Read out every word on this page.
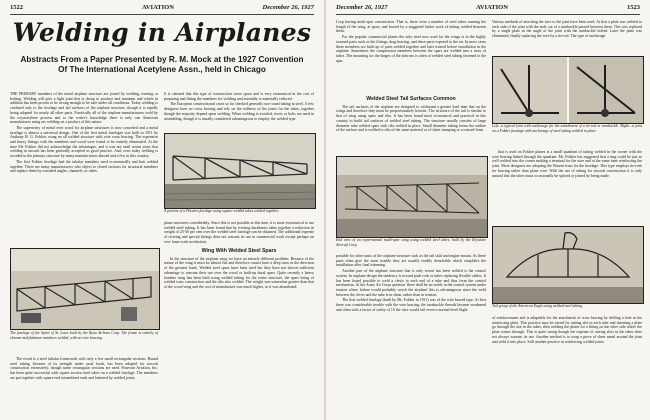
1522	AVIATION	December 26, 1927
Welding in Airplanes
Abstracts From a Paper Presented by R. M. Mock at the 1927 Convention Of The International Acetylene Assn., held in Chicago

THE PRIMARY members of the metal airplane structure are joined by welding, riveting or bolting. Welding will give a light joint that is cheap to produce and maintain and which in addition has been proven to be strong enough to be safe under all conditions. Today welding is confined only to the fuselage and tail surfaces of the airplane structure, though it is rapidly being adopted for nearly all other parts. Practically all of the airplane manufacturers weld by the oxyacetylene process and to the writer's knowledge there is only one American manufacturer using arc welding on a product of this nature.

The superiority of metal over wood for airplane structures is now conceded and a metal fuselage is almost a universal design. One of the first metal fuselages was built in 1911 by Anthony H. G. Fokker, using an all welded structure with wire cross bracing. The expensive and heavy fittings with the members and wood were found to be entirely eliminated. At the time Mr. Fokker did not acknowledge the advantages, and it was not until recent years that welding in aircraft has been generally accepted as good practice. And, even today welding is avoided in the primary structure by many manufacturers abroad and a few in this country.

The first Fokker fuselage had the tubular members used economically and butt welded together. There are many manufacturers who object to closed sections for structural members and replace them by extruded angles, channels, or tubes.

It is claimed that this type of construction saves space and is very economical in the cost of preparing and fitting the members for welding and assembly is materially reduced.

The European constructional cases so far checked generally use round tubing in steel. A few designers have no cross bracing and rely on the stiffness of the joints for the tubes, together though the majority depend upon welding. When welding is avoided, rivets or bolts are used in assembling, though it is usually considered advantageous to employ the welded type.

A portion of a Pitcairn fuselage using square welded tubes welded together.

plane structures considerably. Since this is not possible at this time, it is more economical to use welded steel tubing. It has been found that by riveting duralumin tubes together a reduction in weight of 25-30 per cent over the welded steel fuselage can be obtained. The additional expense of riveting and special fittings does not warrant its use in commercial work except perhaps on very large scale production.

The fuselage of the Spirit of St. Louis built by the Ryan Airlines Corp. The frame is entirely of chrome-molybdenum members welded, with no wire bracing.

The result is a steel tubular framework with only a few small rectangular sections. Round steel tubing, because of its strength under axial loads, has been adopted for aircraft construction extensively, though some rectangular sections are used. Finsvoin Aviation, Inc. has been quite successful with square section steel tubes on a welded fuselage. The members are put together with square end streamlined ends and fastened by welded joints.

Wing With Welded Steel Spars

In the structure of the airplane wing we have an entirely different problem. Because of the nature of the wing it must be almost flat and therefore cannot have a deep truss in the direction of the greatest loads. Welded steel spars have been tried but they have not shown sufficient advantage to warrant their use over the wood or built-up dural spars. Quite recently a heavy bomber wing has been built using welded tubing for the entire structure, the spars being of welded truss construction and the ribs also welded. The weight was somewhat greater than that of the wood wing and the cost of manufacture was much higher, so it was abandoned.

December 26, 1927	AVIATION	1523

Corp having multi-spar construction. That is, there were a number of steel tubes running the length of the wing, at spars, and braced by a staggered lattice work of tubing welded between them.

For the popular commercial planes the only steel now used for the wings is in the highly stressed parts such as the fittings, drag bracing, and these parts exposed to the air. In most cases these members are built up of parts welded together and later treated before installation in the airplane. Sometimes the compression members between the spars are welded into a truss of tubes. The mounting for the hinges of the ailerons is often of welded steel tubing fastened to the spar.

Welded Steel Tail Surfaces Common

The tail surfaces of the airplane are designed to withstand a greater load than that on the wings and therefore they must be proportionately heavier. The structure of the tail is similar to that of wing using spars and ribs. It has been found most economical and practical in this country to build tail surfaces of welded steel tubing. The structure usually consists of large diameter tube welded spars with ribs welded in place. Small diameter tubing forms the outline of the surface and is welded to ribs of the same material or of sheet stamping or a trussed form.

End view of an experimental multi-spar wing using welded steel tubes, built by the Keystone Aircraft Corp.

possible for other units of the airplane structure such as the tail skid and engine mount. As these parts often give the most trouble they are usually readily detachable which simplifies the installation after final trimming.

Another part of the airplane structure that is only recent has been welded is the control system. In airplane design the tendency is toward push rods or tubes replacing flexible cables. It has been found possible to weld a clevis to each end of a tube and thus form the control mechanism. At the Army Air Corps question 'there shall be no welds in the control system under tension where failure would probably wreck the airplane' this is advantageous since the weld between the clevis and the tube is in shear, rather than in tension.

The first welded fuselage (built by Mr. Fokker in 1911) was of the wire braced type. At first there was considerable trouble with the wire bracing; the turnbuckle threads became weakened and often with a factor of safety of 10 the wire would fail even to normal level flight.

Various methods of attaching the wire to the joint have been used. At first a plate was welded to each side of the joint with the ends cut of a turnbuckle passed between them. This was replaced by a single plate in the angle of the joint with the turnbuckle bolted. Later the plate was eliminated, finally replacing the wire by a tie-rod. The type of anchorage

Left—a typical joint with anchorage for the attachment of a tie-rod or turnbuckle. Right—a joint on a Fokker fuselage with anchorage of steel tubing welded in place.

that is used on Fokker planes is a small quadrant of tubing welded in the corner with the wire bearing linked through the quadrant. Mr. Fokker has suggested that a ring could be just as well welded into the corner making a terminal for the wire and at the same time reinforcing the joint. More designers are adopting the Warren truss for the fuselage. This type employs tie-rods for bracing rather than plane wire. With the use of tubing for aircraft construction it is only natural that the tubes must occasionally be spliced or joined by being made.

Tail group of the American Eagle using welded steel tubing.

of reinforcement and is adaptable for the attachment of cross bracing by drilling a hole in the reinforcing plate. This practice may be varied by cutting slot in each tube and inserting a plate go through the slot in the tubes, then welding the plates for a fitting on the other side where the plate comes through. This is quite strong though the expense of cutting slots in the tubes does not always warrant its use. Another method is to wrap a piece of sheet metal around the joint and weld it into place. Still another practice in reinforcing welded joints
